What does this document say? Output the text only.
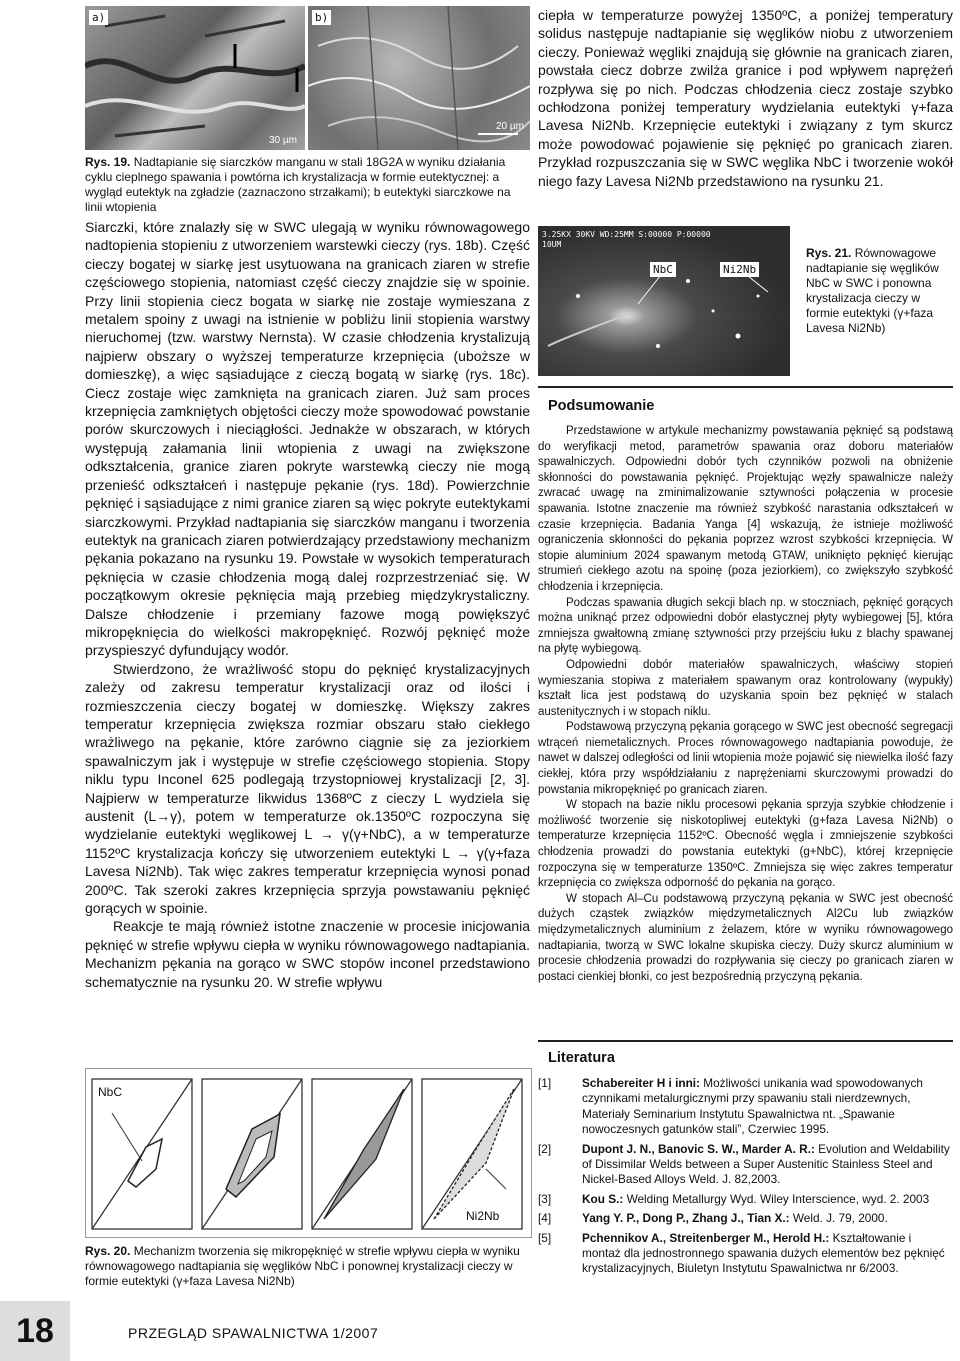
a)
30 µm
b)
20 µm

Rys. 19. Nadtapianie się siarczków manganu w stali 18G2A w wyniku działania cyklu cieplnego spawania i powtórna ich krystalizacja w formie eutektycznej: a wygląd eutektyk na zgładzie (zaznaczono strzałkami); b eutektyki siarczkowe na linii wtopienia

Siarczki, które znalazły się w SWC ulegają w wyniku równowagowego nadtopienia stopieniu z utworzeniem warstewki cieczy (rys. 18b). Część cieczy bogatej w siarkę jest usytuowana na granicach ziaren w strefie częściowego stopienia, natomiast część cieczy znajdzie się w spoinie. Przy linii stopienia ciecz bogata w siarkę nie zostaje wymieszana z metalem spoiny z uwagi na istnienie w pobliżu linii stopienia warstwy nieruchomej (tzw. warstwy Nernsta). W czasie chłodzenia krystalizują najpierw obszary o wyższej temperaturze krzepnięcia (uboższe w domieszkę), a więc sąsiadujące z cieczą bogatą w siarkę (rys. 18c). Ciecz zostaje więc zamknięta na granicach ziaren. Już sam proces krzepnięcia zamkniętych objętości cieczy może spowodować powstanie porów skurczowych i nieciągłości. Jednakże w obszarach, w których występują załamania linii wtopienia z uwagi na zwiększone odkształcenia, granice ziaren pokryte warstewką cieczy nie mogą przenieść odkształceń i następuje pękanie (rys. 18d). Powierzchnie pęknięć i sąsiadujące z nimi granice ziaren są więc pokryte eutektykami siarczkowymi. Przykład nadtapiania się siarczków manganu i tworzenia eutektyk na granicach ziaren potwierdzający przedstawiony mechanizm pękania pokazano na rysunku 19. Powstałe w wysokich temperaturach pęknięcia w czasie chłodzenia mogą dalej rozprzestrzeniać się. W początkowym okresie pęknięcia mają przebieg międzykrystaliczny. Dalsze chłodzenie i przemiany fazowe mogą powiększyć mikropęknięcia do wielkości makropęknięć. Rozwój pęknięć może przyspieszyć dyfundujący wodór.

Stwierdzono, że wrażliwość stopu do pęknięć krystalizacyjnych zależy od zakresu temperatur krystalizacji oraz od ilości i rozmieszczenia cieczy bogatej w domieszkę. Większy zakres temperatur krzepnięcia zwiększa rozmiar obszaru stało ciekłego wrażliwego na pękanie, które zarówno ciągnie się za jeziorkiem spawalniczym jak i występuje w strefie częściowego stopienia. Stopy niklu typu Inconel 625 podlegają trzystopniowej krystalizacji [2, 3]. Najpierw w temperaturze likwidus 1368ºC z cieczy L wydziela się austenit (L→γ), potem w temperaturze ok.1350ºC rozpoczyna się wydzielanie eutektyki węglikowej L → γ(γ+NbC), a w temperaturze 1152ºC krystalizacja kończy się utworzeniem eutektyki L → γ(γ+faza Lavesa Ni2Nb). Tak więc zakres temperatur krzepnięcia wynosi ponad 200ºC. Tak szeroki zakres krzepnięcia sprzyja powstawaniu pęknięć gorących w spoinie.

Reakcje te mają również istotne znaczenie w procesie inicjowania pęknięć w strefie wpływu ciepła w wyniku równowagowego nadtapiania. Mechanizm pękania na gorąco w SWC stopów inconel przedstawiono schematycznie na rysunku 20. W strefie wpływu

NbC
Ni2Nb

Rys. 20. Mechanizm tworzenia się mikropęknięć w strefie wpływu ciepła w wyniku równowagowego nadtapiania się węglików NbC i ponownej krystalizacji cieczy w formie eutektyki (γ+faza Lavesa Ni2Nb)

ciepła w temperaturze powyżej 1350ºC, a poniżej temperatury solidus następuje nadtapianie się węglików niobu z utworzeniem cieczy. Ponieważ węgliki znajdują się głównie na granicach ziaren, powstała ciecz dobrze zwilża granice i pod wpływem naprężeń rozpływa się po nich. Podczas chłodzenia ciecz zostaje szybko ochłodzona poniżej temperatury wydzielania eutektyki γ+faza Lavesa Ni2Nb. Krzepnięcie eutektyki i związany z tym skurcz może powodować pojawienie się pęknięć po granicach ziaren. Przykład rozpuszczania się w SWC węglika NbC i tworzenie wokół niego fazy Lavesa Ni2Nb przedstawiono na rysunku 21.

3.25KX 30KV WD:25MM S:00000 P:00000
10UM
NbC	Ni2Nb

Rys. 21. Równowagowe nadtapianie się węglików NbC w SWC i ponowna krystalizacja cieczy w formie eutektyki (γ+faza Lavesa Ni2Nb)

Podsumowanie

Przedstawione w artykule mechanizmy powstawania pęknięć są podstawą do weryfikacji metod, parametrów spawania oraz doboru materiałów spawalniczych. Odpowiedni dobór tych czynników pozwoli na obniżenie skłonności do powstawania pęknięć. Projektując węzły spawalnicze należy zwracać uwagę na zminimalizowanie sztywności połączenia w procesie spawania. Istotne znaczenie ma również szybkość narastania odkształceń w czasie krzepnięcia. Badania Yanga [4] wskazują, że istnieje możliwość ograniczenia skłonności do pękania poprzez wzrost szybkości krzepnięcia. W stopie aluminium 2024 spawanym metodą GTAW, uniknięto pęknięć kierując strumień ciekłego azotu na spoinę (poza jeziorkiem), co zwiększyło szybkość chłodzenia i krzepnięcia.

Podczas spawania długich sekcji blach np. w stoczniach, pęknięć gorących można uniknąć przez odpowiedni dobór elastycznej płyty wybiegowej [5], która zmniejsza gwałtowną zmianę sztywności przy przejściu łuku z blachy spawanej na płytę wybiegową.

Odpowiedni dobór materiałów spawalniczych, właściwy stopień wymieszania stopiwa z materiałem spawanym oraz kontrolowany (wypukły) kształt lica jest podstawą do uzyskania spoin bez pęknięć w stalach austenitycznych i w stopach niklu.

Podstawową przyczyną pękania gorącego w SWC jest obecność segregacji wtrąceń niemetalicznych. Proces równowagowego nadtapiania powoduje, że nawet w dalszej odległości od linii wtopienia może pojawić się niewielka ilość fazy ciekłej, która przy współdziałaniu z naprężeniami skurczowymi prowadzi do powstania mikropęknięć po granicach ziaren.

W stopach na bazie niklu procesowi pękania sprzyja szybkie chłodzenie i możliwość tworzenie się niskotopliwej eutektyki (g+faza Lavesa Ni2Nb) o temperaturze krzepnięcia 1152ºC. Obecność węgla i zmniejszenie szybkości chłodzenia prowadzi do powstania eutektyki (g+NbC), której krzepnięcie rozpoczyna się w temperaturze 1350ºC. Zmniejsza się więc zakres temperatur krzepnięcia co zwiększa odporność do pękania na gorąco.

W stopach Al–Cu podstawową przyczyną pękania w SWC jest obecność dużych cząstek związków międzymetalicznych Al2Cu lub związków międzymetalicznych aluminium z żelazem, które w wyniku równowagowego nadtapiania, tworzą w SWC lokalne skupiska cieczy. Duży skurcz aluminium w procesie chłodzenia prowadzi do rozpływania się cieczy po granicach ziaren w postaci cienkiej błonki, co jest bezpośrednią przyczyną pękania.

Literatura

[1]	Schabereiter H i inni: Możliwości unikania wad spowodowanych czynnikami metalurgicznymi przy spawaniu stali nierdzewnych, Materiały Seminarium Instytutu Spawalnictwa nt. „Spawanie nowoczesnych gatunków stali”, Czerwiec 1995.
[2]	Dupont J. N., Banovic S. W., Marder A. R.: Evolution and Weldability of Dissimilar Welds between a Super Austenitic Stainless Steel and Nickel-Based Alloys Weld. J. 82,2003.
[3]	Kou S.: Welding Metallurgy Wyd. Wiley Interscience, wyd. 2. 2003
[4]	Yang Y. P., Dong P., Zhang J., Tian X.: Weld. J. 79, 2000.
[5]	Pchennikov A., Streitenberger M., Herold H.: Kształtowanie i montaż dla jednostronnego spawania dużych elementów bez pęknięć krystalizacyjnych, Biuletyn Instytutu Spawalnictwa nr 6/2003.
18	PRZEGLĄD SPAWALNICTWA 1/2007
